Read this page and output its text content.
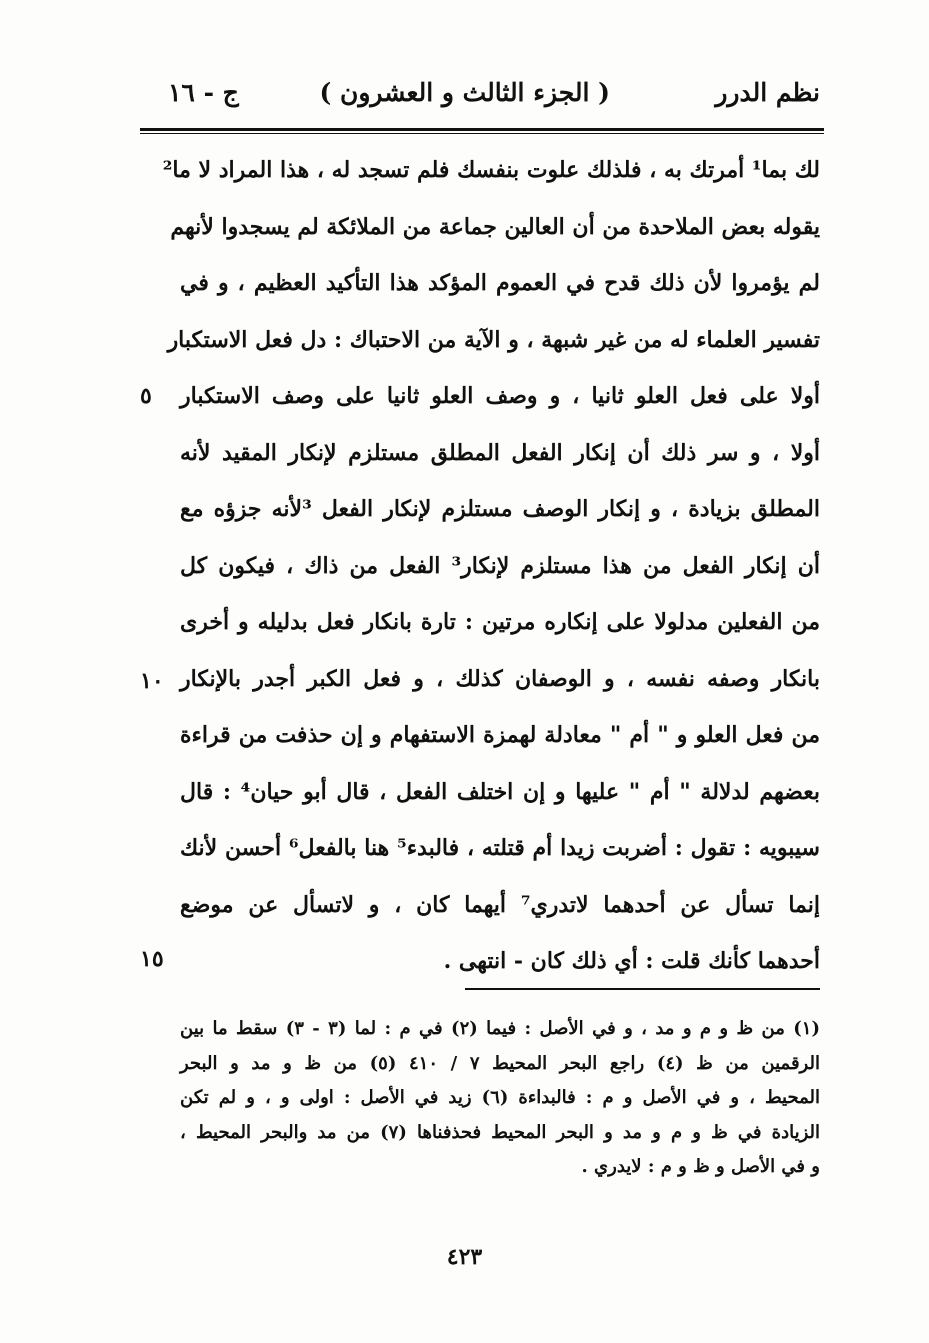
نظم الدرر
( الجزء الثالث و العشرون )
ج - ١٦
لك بما¹ أمرتك به ، فلذلك علوت بنفسك فلم تسجد له ، هذا المراد لا ما²
يقوله بعض الملاحدة من أن العالين جماعة من الملائكة لم يسجدوا لأنهم
لم يؤمروا لأن ذلك قدح في العموم المؤكد هذا التأكيد العظيم ، و في
تفسير العلماء له من غير شبهة ، و الآية من الاحتباك : دل فعل الاستكبار
أولا على فعل العلو ثانيا ، و وصف العلو ثانيا على وصف الاستكبار
أولا ، و سر ذلك أن إنكار الفعل المطلق مستلزم لإنكار المقيد لأنه
المطلق بزيادة ، و إنكار الوصف مستلزم لإنكار الفعل ³لأنه جزؤه مع
أن إنكار الفعل من هذا مستلزم لإنكار³ الفعل من ذاك ، فيكون كل
من الفعلين مدلولا على إنكاره مرتين : تارة بانكار فعل بدليله و أخرى
بانكار وصفه نفسه ، و الوصفان كذلك ، و فعل الكبر أجدر بالإنكار
من فعل العلو و " أم " معادلة لهمزة الاستفهام و إن حذفت من قراءة
بعضهم لدلالة " أم " عليها و إن اختلف الفعل ، قال أبو حيان⁴ : قال
سيبويه : تقول : أضربت زيدا أم قتلته ، فالبدء⁵ هنا بالفعل⁶ أحسن لأنك
إنما تسأل عن أحدهما لاتدري⁷ أيهما كان ، و لاتسأل عن موضع
أحدهما كأنك قلت : أي ذلك كان - انتهى .
٥
١٠
١٥
(١) من ظ و م و مد ، و في الأصل : فيما (٢) في م : لما (٣ - ٣) سقط ما بين
الرقمين من ظ (٤) راجع البحر المحيط ٧ / ٤١٠ (٥) من ظ و مد و البحر
المحيط ، و في الأصل و م : فالبداءة (٦) زيد في الأصل : اولى و ، و لم تكن
الزيادة في ظ و م و مد و البحر المحيط فحذفناها (٧) من مد والبحر المحيط ،
و في الأصل و ظ و م : لايدري .
٤٢٣
